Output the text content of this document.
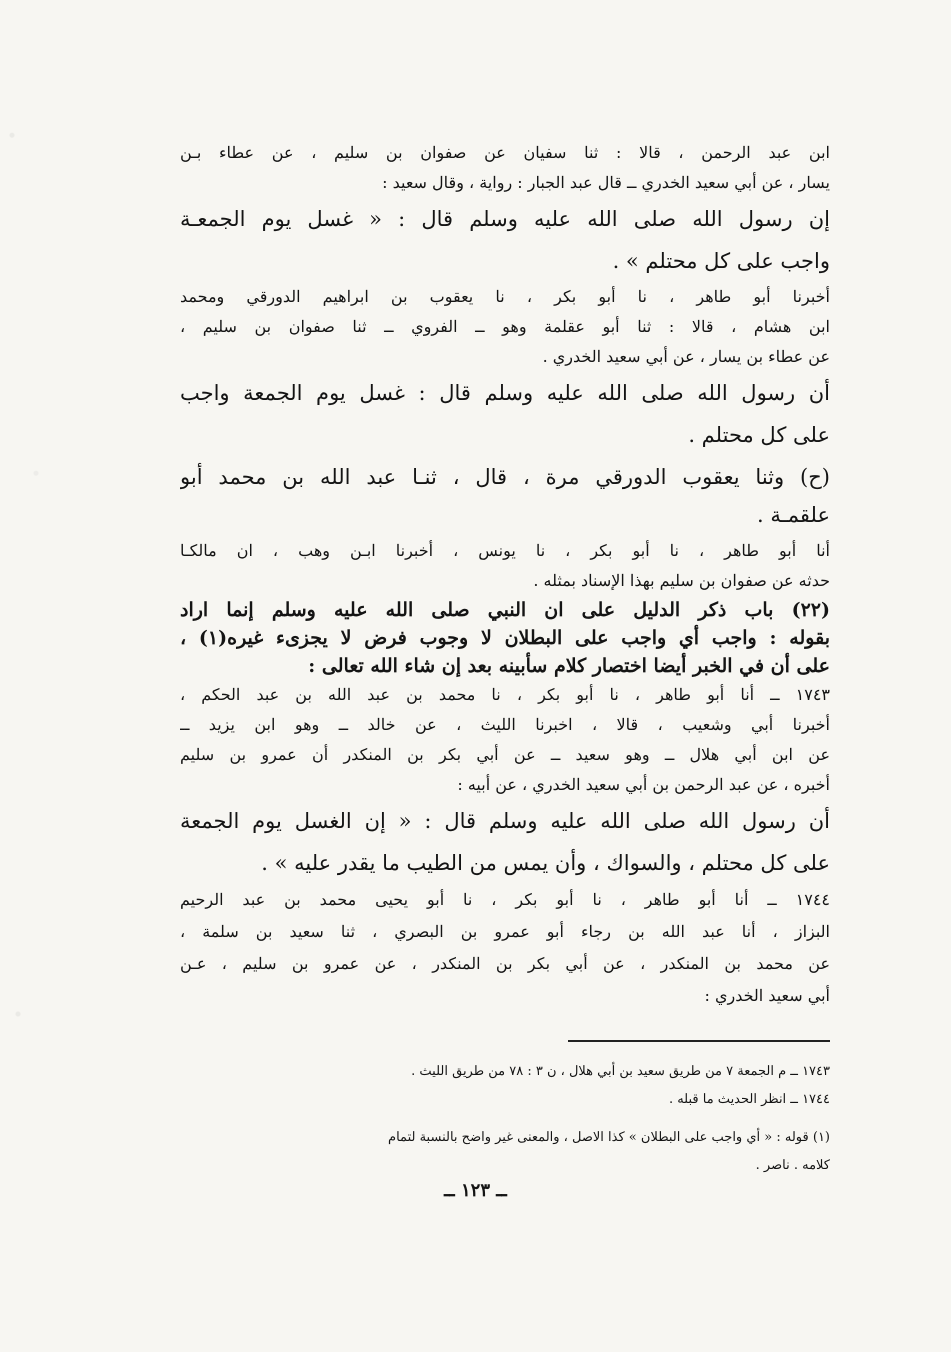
ابن عبد الرحمن ، قالا : ثنا سفيان عن صفوان بن سليم ، عن عطاء بـن
يسار ، عن أبي سعيد الخدري ــ قال عبد الجبار : رواية ، وقال سعيد :
إن رسول الله صلى الله عليه وسلم قال : « غسل يوم الجمعـة
واجب على كل محتلم » .
أخبرنا أبو طاهر ، نا أبو بكر ، نا يعقوب بن ابراهيم الدورقي ومحمد
ابن هشام ، قالا : ثنا أبو عقلمة وهو ــ الفروي ــ ثنا صفوان بن سليم ،
عن عطاء بن يسار ، عن أبي سعيد الخدري .
أن رسول الله صلى الله عليه وسلم قال : غسل يوم الجمعة واجب
على كل محتلم .
(ح) وثنا يعقوب الدورقي مرة ، قال ، ثنـا عبد الله بن محمد أبو
علقمـة .
أنا أبو طاهر ، نا أبو بكر ، نا يونس ، أخبرنا ابـن وهب ، ان مالكـا
حدثه عن صفوان بن سليم بهذا الإسناد بمثله .
(٢٢) باب ذكر الدليل على ان النبي صلى الله عليه وسلم إنما اراد
بقوله : واجب أي واجب على البطلان لا وجوب فرض لا يجزىء غيره(١) ،
على أن في الخبر أيضا اختصار كلام سأبينه بعد إن شاء الله تعالى :
١٧٤٣ ــ أنا أبو طاهر ، نا أبو بكر ، نا محمد بن عبد الله بن عبد الحكم ،
أخبرنا أبي وشعيب ، قالا ، اخبرنا الليث ، عن خالد ــ وهو ابن يزيد ــ
عن ابن أبي هلال ــ وهو سعيد ــ عن أبي بكر بن المنكدر أن عمرو بن سليم
أخبره ، عن عبد الرحمن بن أبي سعيد الخدري ، عن أبيه :
أن رسول الله صلى الله عليه وسلم قال : « إن الغسل يوم الجمعة
على كل محتلم ، والسواك ، وأن يمس من الطيب ما يقدر عليه » .
١٧٤٤ ــ أنا أبو طاهر ، نا أبو بكر ، نا أبو يحيى محمد بن عبد الرحيم
البزاز ، أنا عبد الله بن رجاء أبو عمرو بن البصري ، ثنا سعيد بن سلمة ،
عن محمد بن المنكدر ، عن أبي بكر بن المنكدر ، عن عمرو بن سليم ، عـن
أبي سعيد الخدري :
١٧٤٣ ــ م الجمعة ٧ من طريق سعيد بن أبي هلال ، ن ٣ : ٧٨ من طريق الليث .
١٧٤٤ ــ انظر الحديث ما قبله .
(١) قوله : « أي واجب على البطلان » كذا الاصل ، والمعنى غير واضح بالنسبة لتمام
كلامه . ناصر .
ــ ١٢٣ ــ
